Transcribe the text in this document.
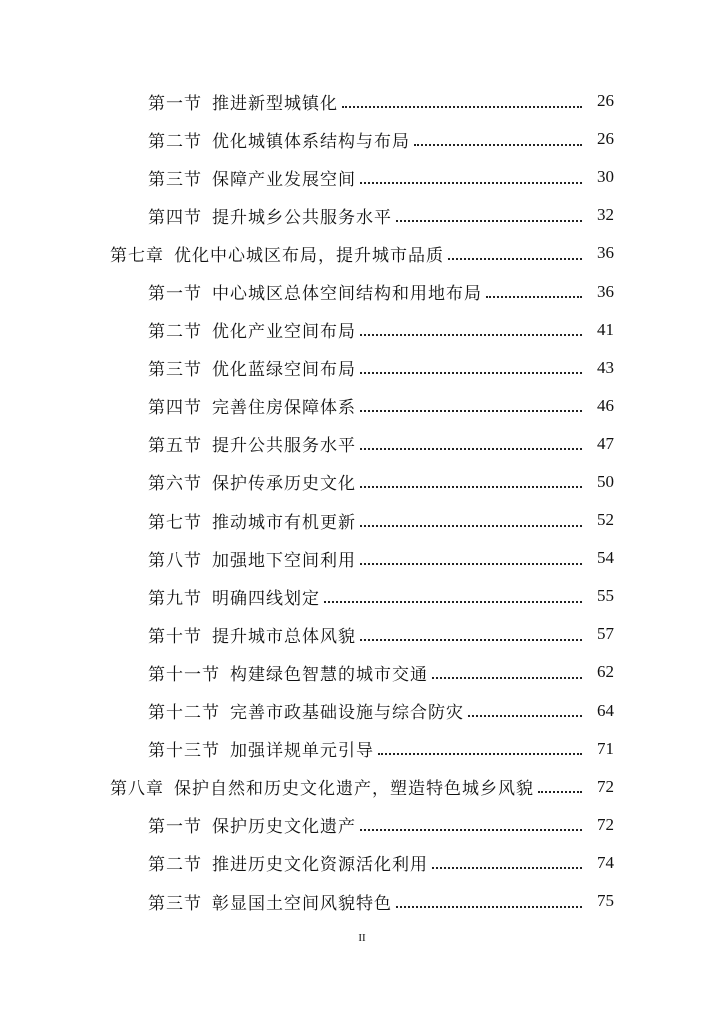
第一节 推进新型城镇化	26
第二节 优化城镇体系结构与布局	26
第三节 保障产业发展空间	30
第四节 提升城乡公共服务水平	32
第七章 优化中心城区布局，提升城市品质	36
第一节 中心城区总体空间结构和用地布局	36
第二节 优化产业空间布局	41
第三节 优化蓝绿空间布局	43
第四节 完善住房保障体系	46
第五节 提升公共服务水平	47
第六节 保护传承历史文化	50
第七节 推动城市有机更新	52
第八节 加强地下空间利用	54
第九节 明确四线划定	55
第十节 提升城市总体风貌	57
第十一节 构建绿色智慧的城市交通	62
第十二节 完善市政基础设施与综合防灾	64
第十三节 加强详规单元引导	71
第八章 保护自然和历史文化遗产，塑造特色城乡风貌	72
第一节 保护历史文化遗产	72
第二节 推进历史文化资源活化利用	74
第三节 彰显国土空间风貌特色	75
II
